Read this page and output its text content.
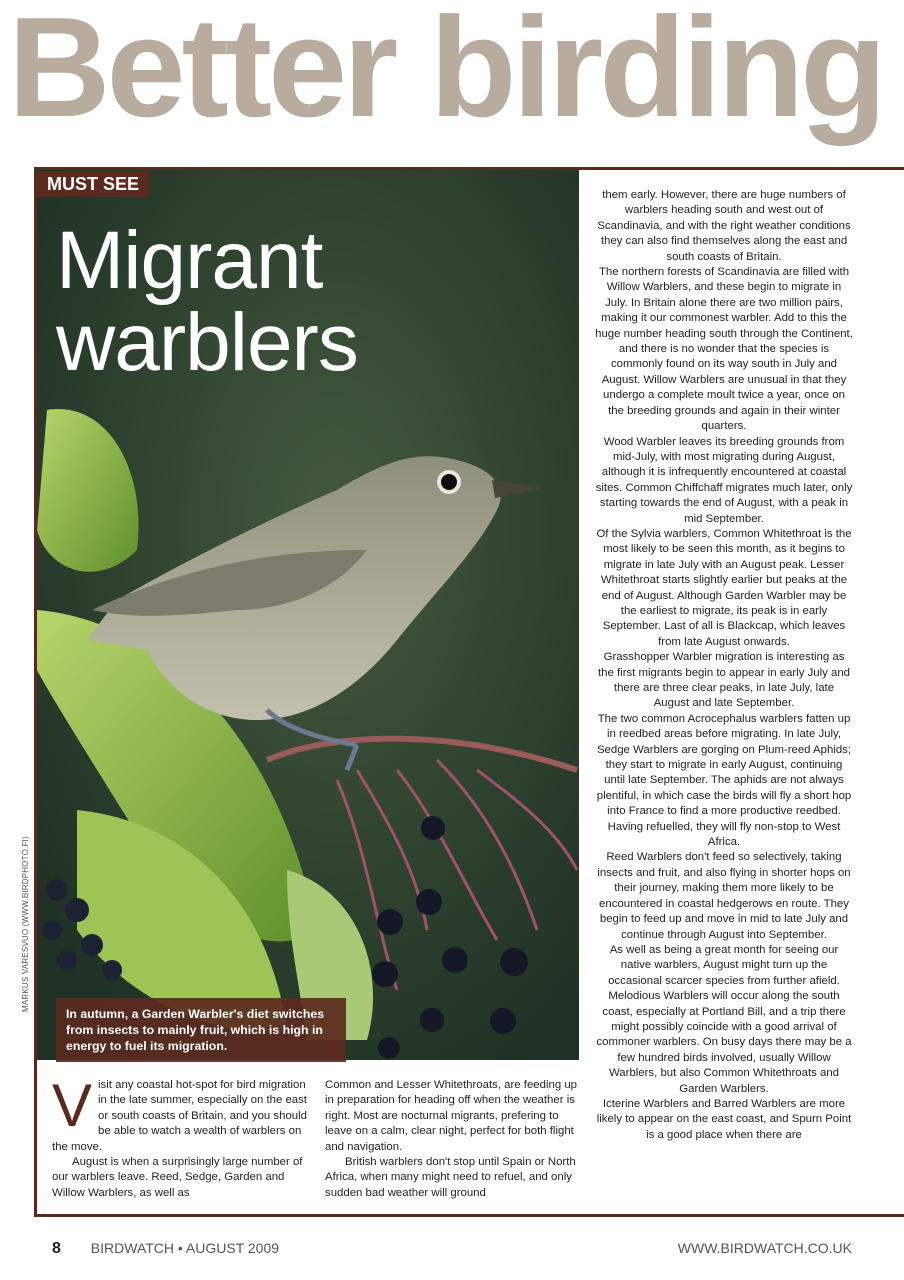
Better birding
MUST SEE
Migrant
warblers
In autumn, a Garden Warbler's diet switches from insects to mainly fruit, which is high in energy to fuel its migration.
MARKUS VARESVUO (WWW.BIRDPHOTO.FI)
V isit any coastal hot-spot for bird migration in the late summer, especially on the east or south coasts of Britain, and you should be able to watch a wealth of warblers on the move.

August is when a surprisingly large number of our warblers leave. Reed, Sedge, Garden and Willow Warblers, as well as

Common and Lesser Whitethroats, are feeding up in preparation for heading off when the weather is right. Most are nocturnal migrants, prefering to leave on a calm, clear night, perfect for both flight and navigation.

British warblers don't stop until Spain or North Africa, when many might need to refuel, and only sudden bad weather will ground

them early. However, there are huge numbers of warblers heading south and west out of Scandinavia, and with the right weather conditions they can also find themselves along the east and south coasts of Britain.

The northern forests of Scandinavia are filled with Willow Warblers, and these begin to migrate in July. In Britain alone there are two million pairs, making it our commonest warbler. Add to this the huge number heading south through the Continent, and there is no wonder that the species is commonly found on its way south in July and August. Willow Warblers are unusual in that they undergo a complete moult twice a year, once on the breeding grounds and again in their winter quarters.

Wood Warbler leaves its breeding grounds from mid-July, with most migrating during August, although it is infrequently encountered at coastal sites. Common Chiffchaff migrates much later, only starting towards the end of August, with a peak in mid September.

Of the Sylvia warblers, Common Whitethroat is the most likely to be seen this month, as it begins to migrate in late July with an August peak. Lesser Whitethroat starts slightly earlier but peaks at the end of August. Although Garden Warbler may be the earliest to migrate, its peak is in early September. Last of all is Blackcap, which leaves from late August onwards.

Grasshopper Warbler migration is interesting as the first migrants begin to appear in early July and there are three clear peaks, in late July, late August and late September.

The two common Acrocephalus warblers fatten up in reedbed areas before migrating. In late July, Sedge Warblers are gorging on Plum-reed Aphids; they start to migrate in early August, continuing until late September. The aphids are not always plentiful, in which case the birds will fly a short hop into France to find a more productive reedbed. Having refuelled, they will fly non-stop to West Africa.

Reed Warblers don't feed so selectively, taking insects and fruit, and also flying in shorter hops on their journey, making them more likely to be encountered in coastal hedgerows en route. They begin to feed up and move in mid to late July and continue through August into September.

As well as being a great month for seeing our native warblers, August might turn up the occasional scarcer species from further afield. Melodious Warblers will occur along the south coast, especially at Portland Bill, and a trip there might possibly coincide with a good arrival of commoner warblers. On busy days there may be a few hundred birds involved, usually Willow Warblers, but also Common Whitethroats and Garden Warblers.

Icterine Warblers and Barred Warblers are more likely to appear on the east coast, and Spurn Point is a good place when there are

8 BIRDWATCH • AUGUST 2009	WWW.BIRDWATCH.CO.UK
